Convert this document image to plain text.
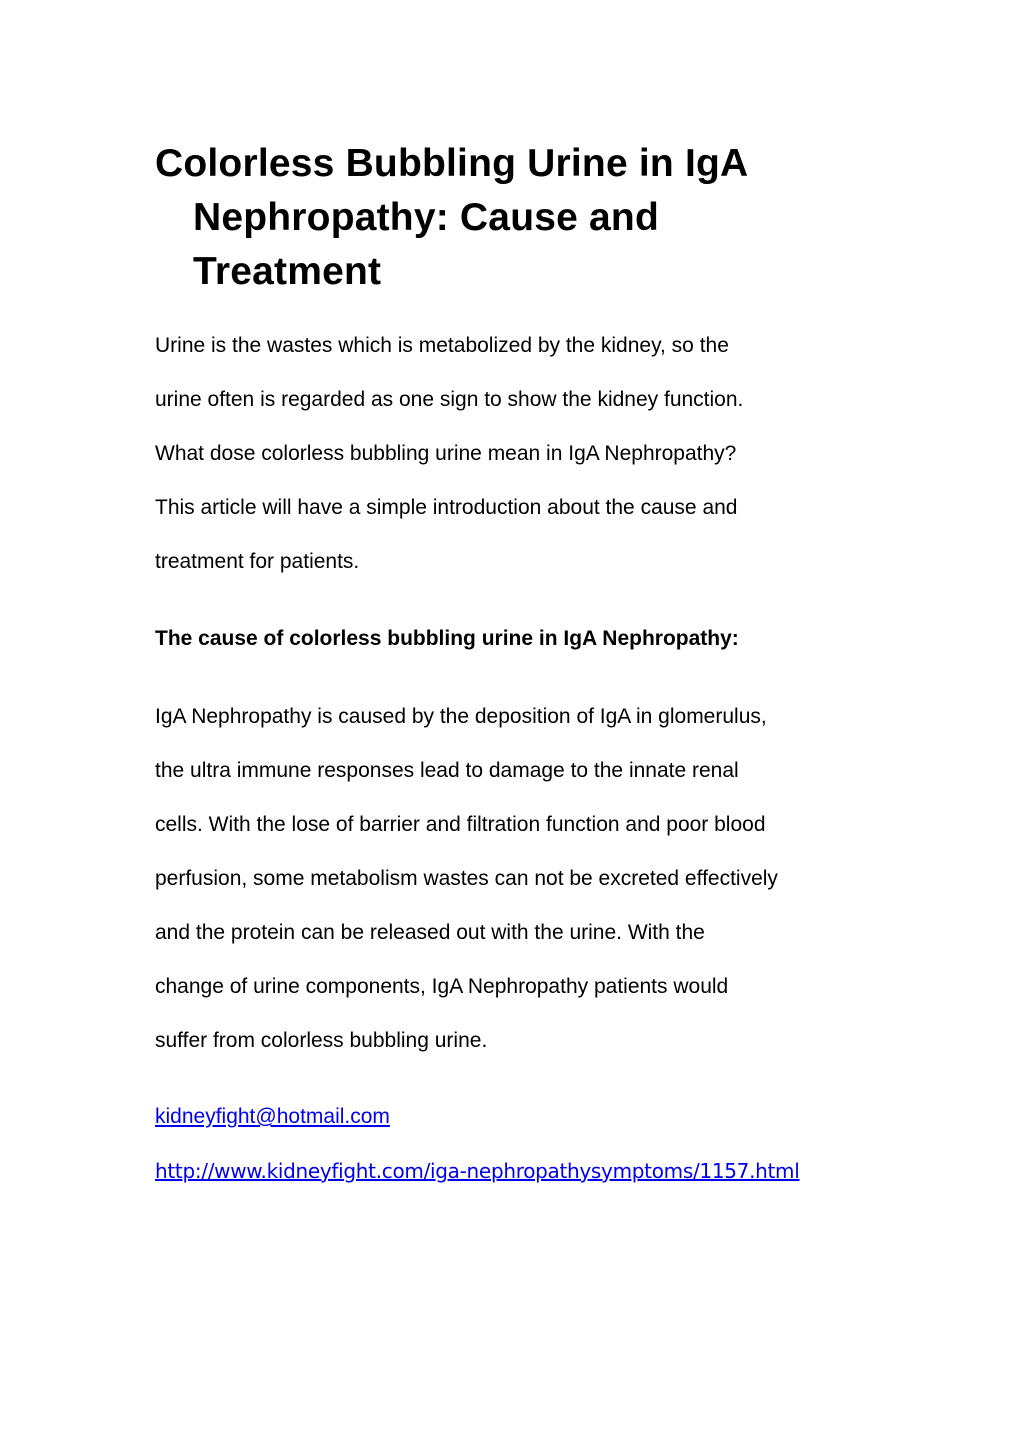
Colorless Bubbling Urine in IgA
Nephropathy: Cause and
Treatment

Urine is the wastes which is metabolized by the kidney, so the
urine often is regarded as one sign to show the kidney function.
What dose colorless bubbling urine mean in IgA Nephropathy?
This article will have a simple introduction about the cause and
treatment for patients.

The cause of colorless bubbling urine in IgA Nephropathy:

IgA Nephropathy is caused by the deposition of IgA in glomerulus,
the ultra immune responses lead to damage to the innate renal
cells. With the lose of barrier and filtration function and poor blood
perfusion, some metabolism wastes can not be excreted effectively
and the protein can be released out with the urine. With the
change of urine components, IgA Nephropathy patients would
suffer from colorless bubbling urine.

kidneyfight@hotmail.com
http://www.kidneyfight.com/iga-nephropathysymptoms/1157.html
